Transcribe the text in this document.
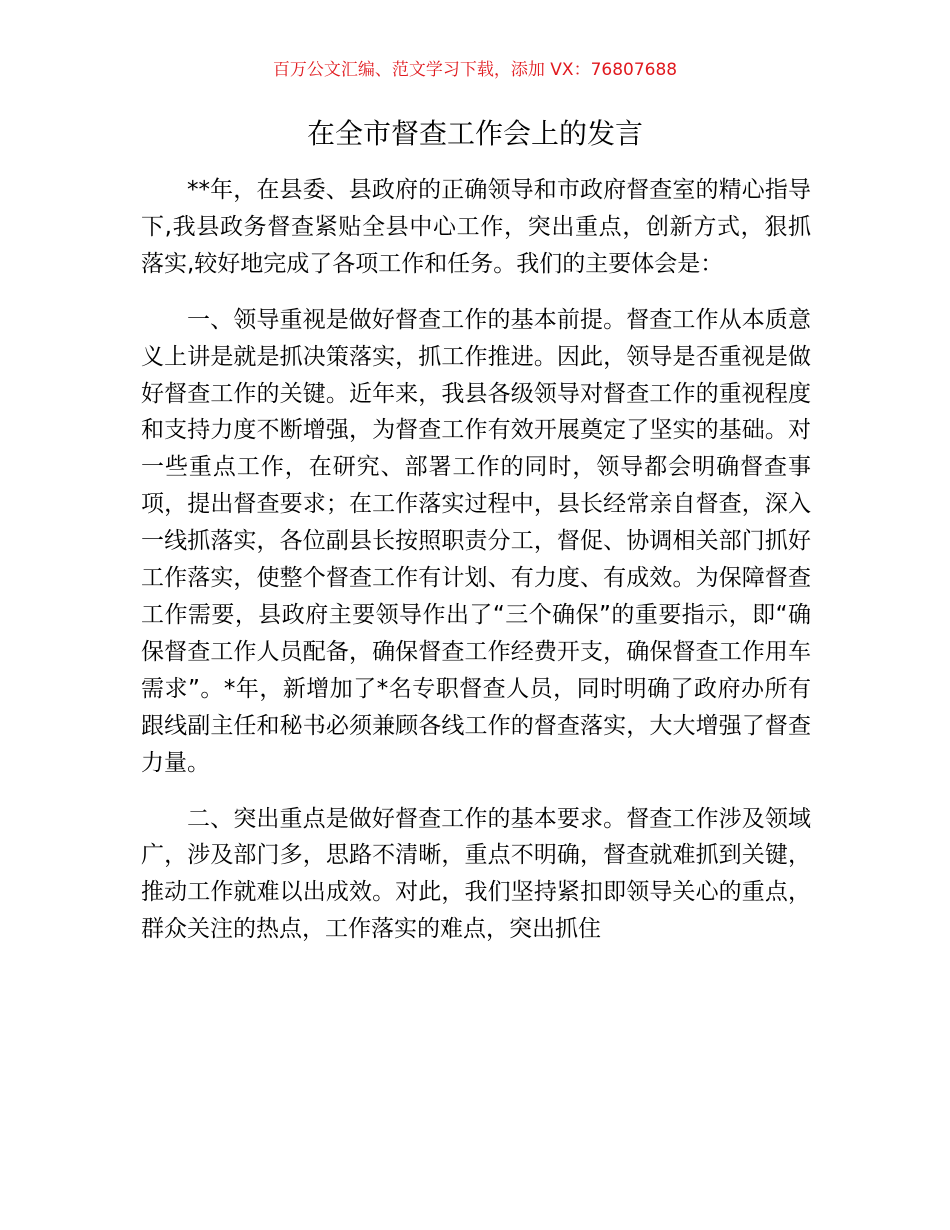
百万公文汇编、范文学习下载，添加 VX：76807688
在全市督查工作会上的发言

**年，在县委、县政府的正确领导和市政府督查室的精心指导下,我县政务督查紧贴全县中心工作，突出重点，创新方式，狠抓落实,较好地完成了各项工作和任务。我们的主要体会是：

一、领导重视是做好督查工作的基本前提。督查工作从本质意义上讲是就是抓决策落实，抓工作推进。因此，领导是否重视是做好督查工作的关键。近年来，我县各级领导对督查工作的重视程度和支持力度不断增强，为督查工作有效开展奠定了坚实的基础。对一些重点工作，在研究、部署工作的同时，领导都会明确督查事项，提出督查要求；在工作落实过程中，县长经常亲自督查，深入一线抓落实，各位副县长按照职责分工，督促、协调相关部门抓好工作落实，使整个督查工作有计划、有力度、有成效。为保障督查工作需要，县政府主要领导作出了“三个确保”的重要指示，即“确保督查工作人员配备，确保督查工作经费开支，确保督查工作用车需求”。*年，新增加了*名专职督查人员，同时明确了政府办所有跟线副主任和秘书必须兼顾各线工作的督查落实，大大增强了督查力量。

二、突出重点是做好督查工作的基本要求。督查工作涉及领域广，涉及部门多，思路不清晰，重点不明确，督查就难抓到关键，推动工作就难以出成效。对此，我们坚持紧扣即领导关心的重点，群众关注的热点，工作落实的难点，突出抓住
